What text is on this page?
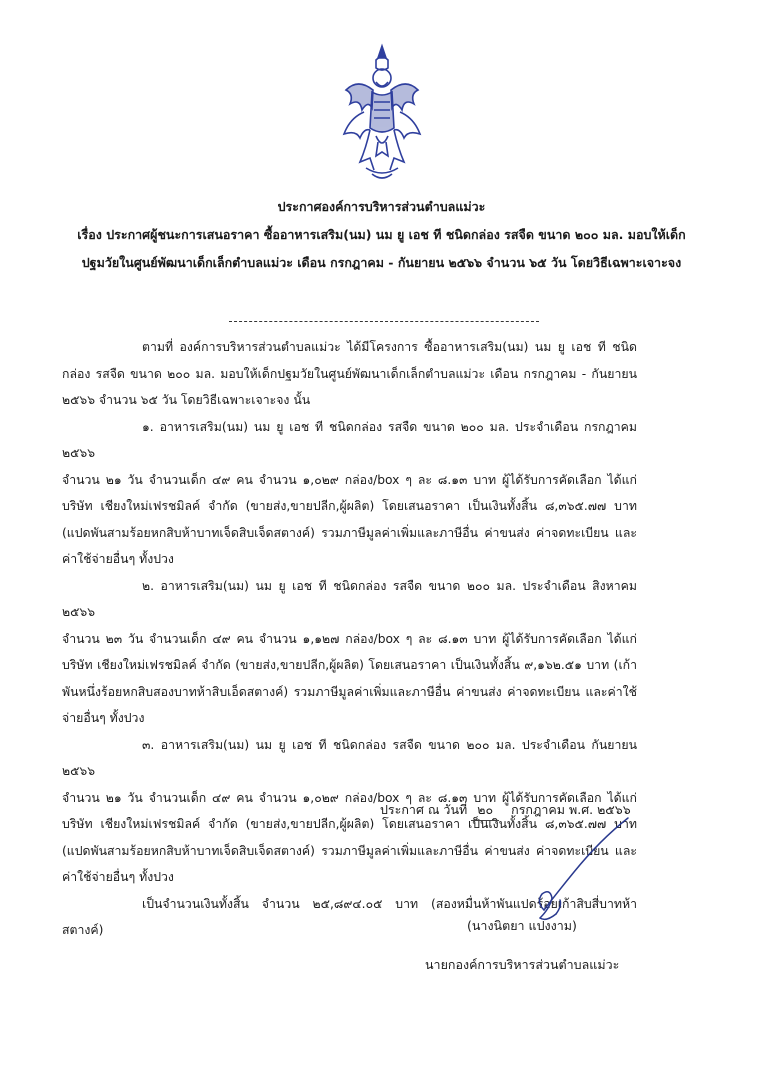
ประกาศองค์การบริหารส่วนตำบลแม่วะ
เรื่อง ประกาศผู้ชนะการเสนอราคา ซื้ออาหารเสริม(นม) นม ยู เอช ที ชนิดกล่อง รสจืด ขนาด ๒๐๐ มล. มอบให้เด็กปฐมวัยในศูนย์พัฒนาเด็กเล็กตำบลแม่วะ เดือน กรกฎาคม - กันยายน ๒๕๖๖ จำนวน ๖๕ วัน โดยวิธีเฉพาะเจาะจง

ตามที่ องค์การบริหารส่วนตำบลแม่วะ ได้มีโครงการ ซื้ออาหารเสริม(นม) นม ยู เอช ที ชนิดกล่อง รสจืด ขนาด ๒๐๐ มล. มอบให้เด็กปฐมวัยในศูนย์พัฒนาเด็กเล็กตำบลแม่วะ เดือน กรกฎาคม - กันยายน ๒๕๖๖ จำนวน ๖๕ วัน โดยวิธีเฉพาะเจาะจง นั้น

๑. อาหารเสริม(นม) นม ยู เอช ที ชนิดกล่อง รสจืด ขนาด ๒๐๐ มล. ประจำเดือน กรกฎาคม ๒๕๖๖

จำนวน ๒๑ วัน จำนวนเด็ก ๔๙ คน จำนวน ๑,๐๒๙ กล่อง/box ๆ ละ ๘.๑๓ บาท ผู้ได้รับการคัดเลือก ได้แก่ บริษัท เชียงใหม่เฟรชมิลค์ จำกัด (ขายส่ง,ขายปลีก,ผู้ผลิต) โดยเสนอราคา เป็นเงินทั้งสิ้น ๘,๓๖๕.๗๗ บาท (แปดพันสามร้อยหกสิบห้าบาทเจ็ดสิบเจ็ดสตางค์) รวมภาษีมูลค่าเพิ่มและภาษีอื่น ค่าขนส่ง ค่าจดทะเบียน และค่าใช้จ่ายอื่นๆ ทั้งปวง

๒. อาหารเสริม(นม) นม ยู เอช ที ชนิดกล่อง รสจืด ขนาด ๒๐๐ มล. ประจำเดือน สิงหาคม ๒๕๖๖

จำนวน ๒๓ วัน จำนวนเด็ก ๔๙ คน จำนวน ๑,๑๒๗ กล่อง/box ๆ ละ ๘.๑๓ บาท ผู้ได้รับการคัดเลือก ได้แก่ บริษัท เชียงใหม่เฟรชมิลค์ จำกัด (ขายส่ง,ขายปลีก,ผู้ผลิต) โดยเสนอราคา เป็นเงินทั้งสิ้น ๙,๑๖๒.๕๑ บาท (เก้าพันหนึ่งร้อยหกสิบสองบาทห้าสิบเอ็ดสตางค์) รวมภาษีมูลค่าเพิ่มและภาษีอื่น ค่าขนส่ง ค่าจดทะเบียน และค่าใช้จ่ายอื่นๆ ทั้งปวง

๓. อาหารเสริม(นม) นม ยู เอช ที ชนิดกล่อง รสจืด ขนาด ๒๐๐ มล. ประจำเดือน กันยายน ๒๕๖๖

จำนวน ๒๑ วัน จำนวนเด็ก ๔๙ คน จำนวน ๑,๐๒๙ กล่อง/box ๆ ละ ๘.๑๓ บาท ผู้ได้รับการคัดเลือก ได้แก่ บริษัท เชียงใหม่เฟรชมิลค์ จำกัด (ขายส่ง,ขายปลีก,ผู้ผลิต) โดยเสนอราคา เป็นเงินทั้งสิ้น ๘,๓๖๕.๗๗ บาท (แปดพันสามร้อยหกสิบห้าบาทเจ็ดสิบเจ็ดสตางค์) รวมภาษีมูลค่าเพิ่มและภาษีอื่น ค่าขนส่ง ค่าจดทะเบียน และค่าใช้จ่ายอื่นๆ ทั้งปวง

เป็นจำนวนเงินทั้งสิ้น จำนวน ๒๕,๘๙๔.๐๕ บาท (สองหมื่นห้าพันแปดร้อยเก้าสิบสี่บาทห้าสตางค์)

ประกาศ ณ วันที่ ๒๐ กรกฎาคม พ.ศ. ๒๕๖๖
(นางนิตยา แปงงาม)
นายกองค์การบริหารส่วนตำบลแม่วะ
